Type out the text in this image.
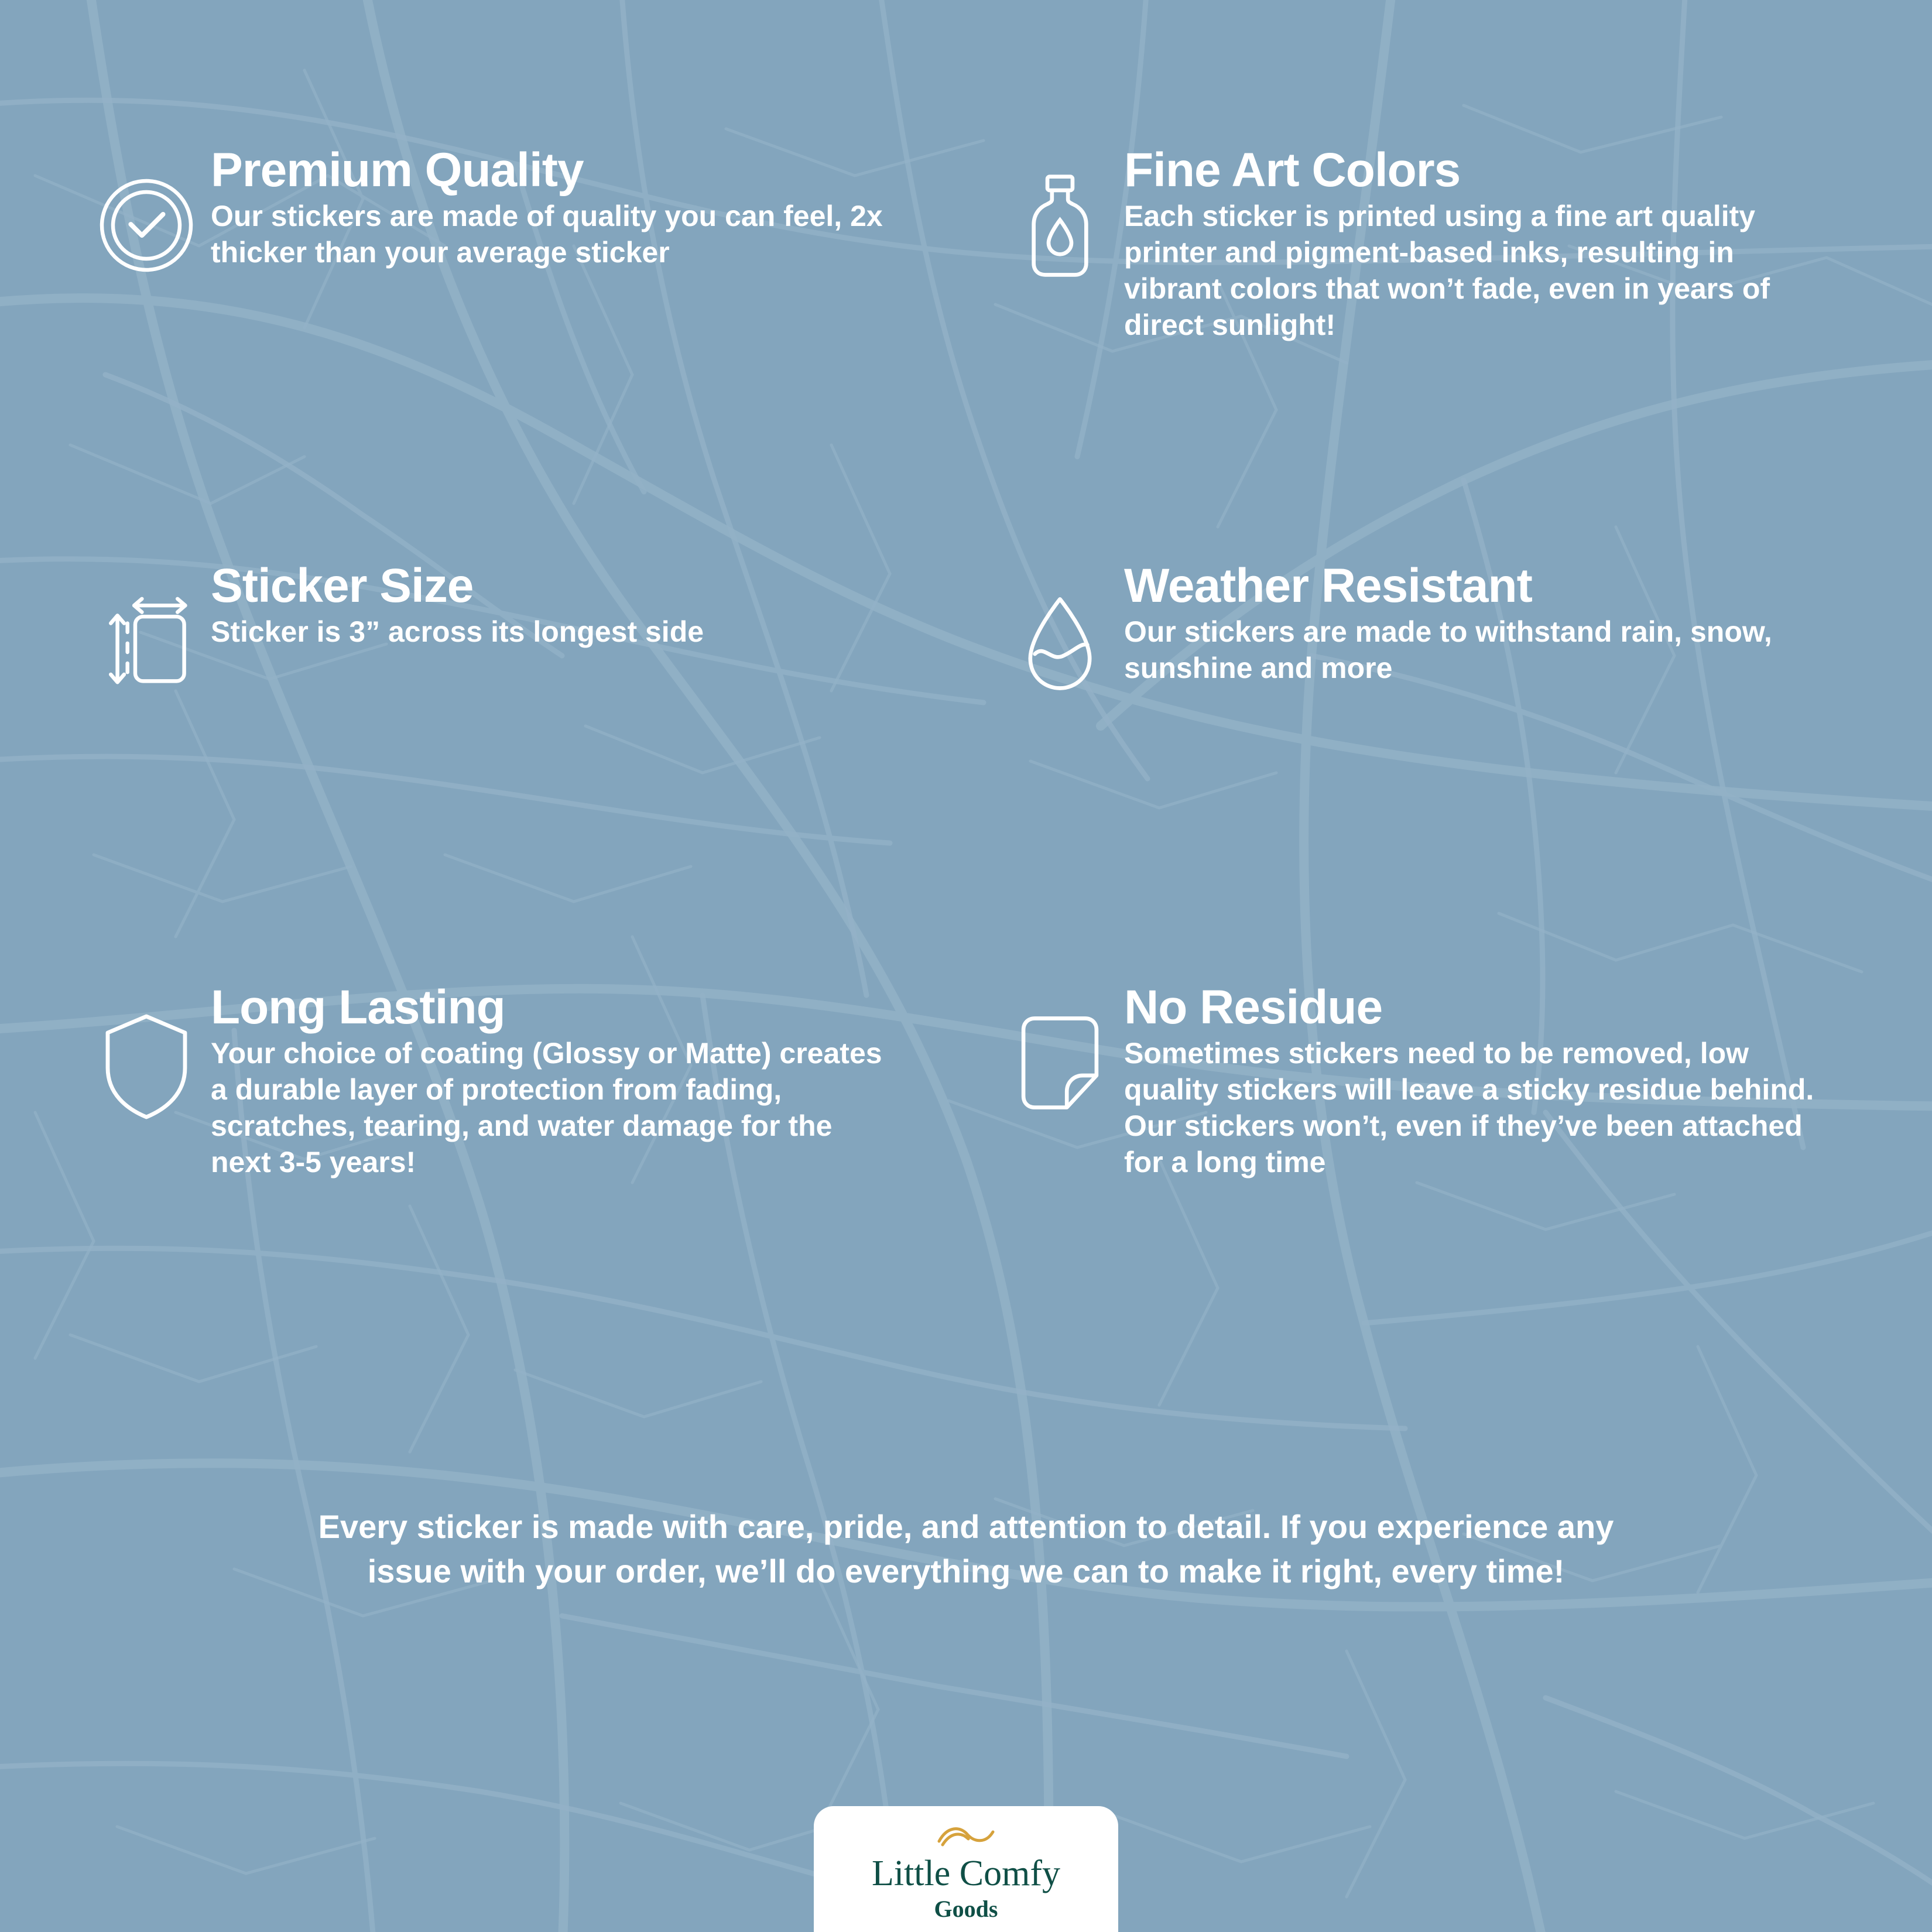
Premium Quality

Our stickers are made of quality you can feel, 2x thicker than your average sticker

Fine Art Colors

Each sticker is printed using a fine art quality printer and pigment-based inks, resulting in vibrant colors that won’t fade, even in years of direct sunlight!

Sticker Size

Sticker is 3” across its longest side

Weather Resistant

Our stickers are made to withstand rain, snow, sunshine and more

Long Lasting

Your choice of coating (Glossy or Matte) creates a durable layer of protection from fading, scratches, tearing, and water damage for the next 3-5 years!

No Residue

Sometimes stickers need to be removed, low quality stickers will leave a sticky residue behind. Our stickers won’t, even if they’ve been attached for a long time

Every sticker is made with care, pride, and attention to detail. If you experience any issue with your order, we’ll do everything we can to make it right, every time!
Little Comfy
Goods
